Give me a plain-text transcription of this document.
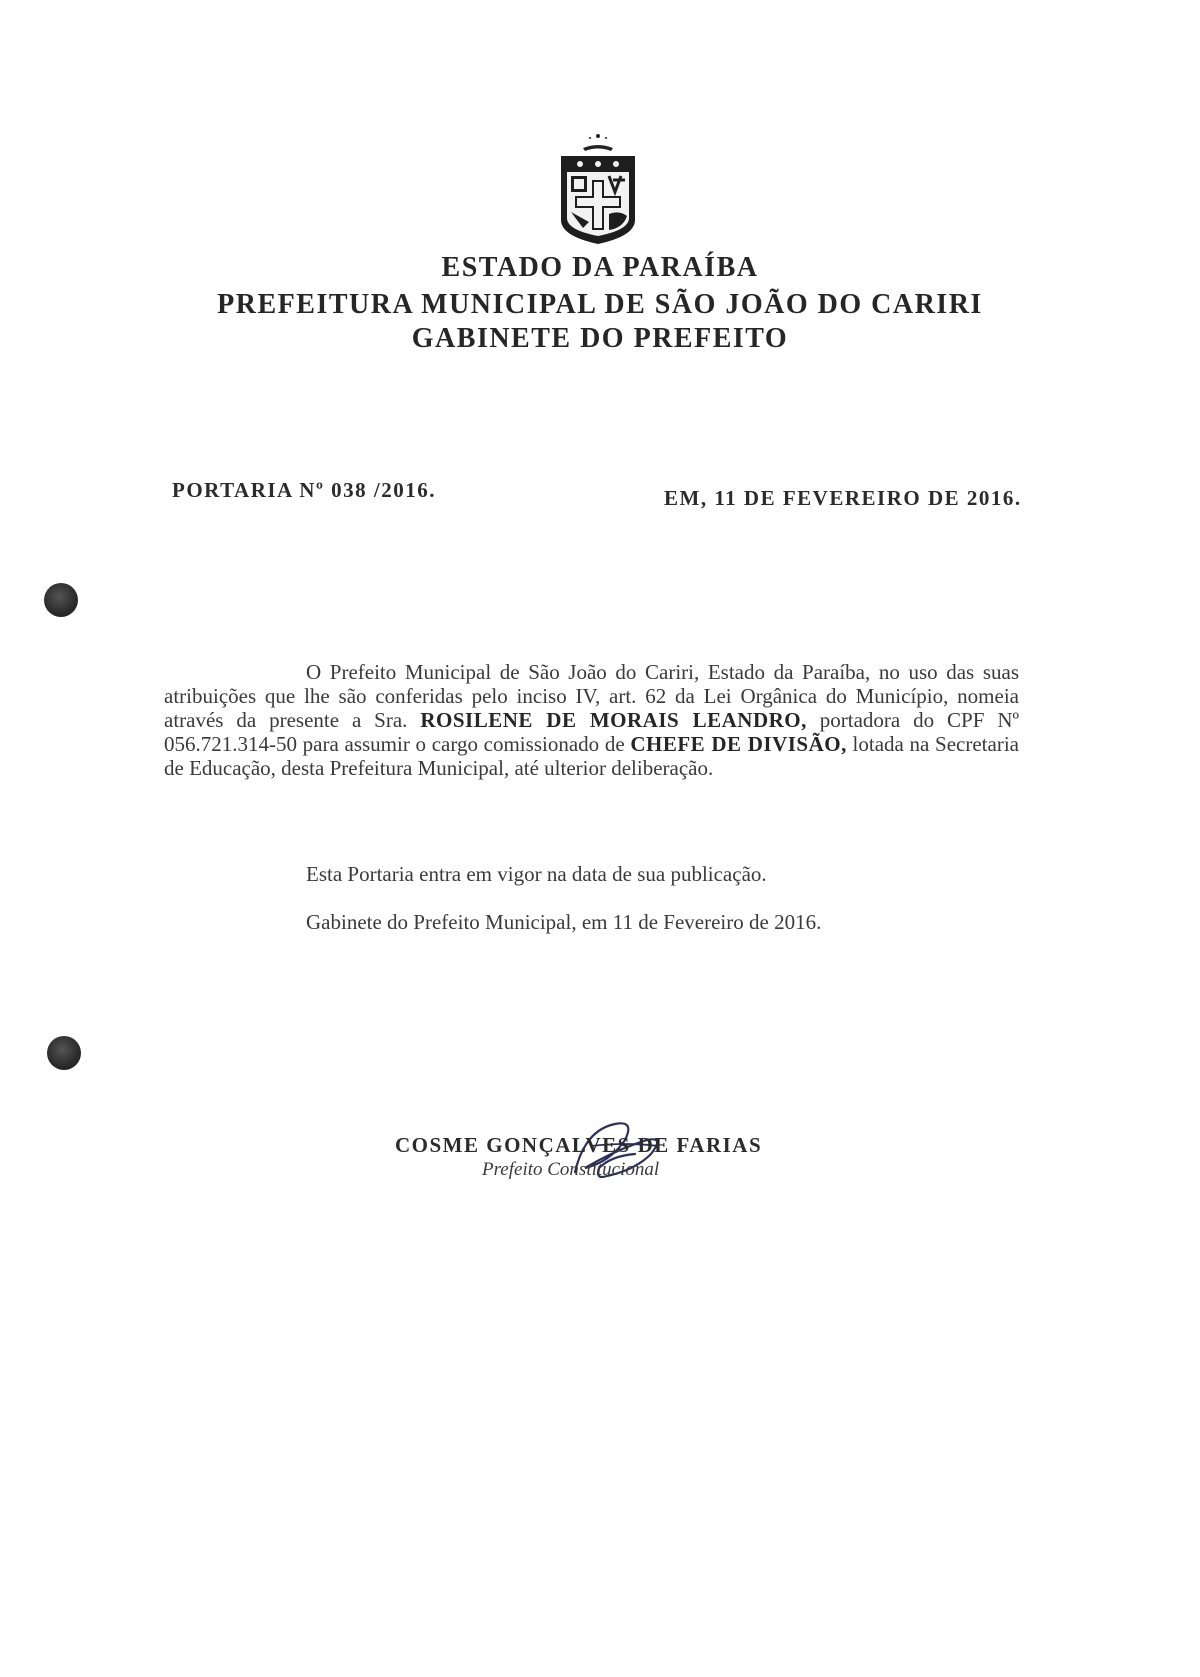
ESTADO DA PARAÍBA
PREFEITURA MUNICIPAL DE SÃO JOÃO DO CARIRI
GABINETE DO PREFEITO
PORTARIA Nº 038 /2016.	EM, 11 DE FEVEREIRO DE 2016.
O Prefeito Municipal de São João do Cariri, Estado da Paraíba, no uso das suas atribuições que lhe são conferidas pelo inciso IV, art. 62 da Lei Orgânica do Município, nomeia através da presente a Sra. ROSILENE DE MORAIS LEANDRO, portadora do CPF Nº 056.721.314-50 para assumir o cargo comissionado de CHEFE DE DIVISÃO, lotada na Secretaria de Educação, desta Prefeitura Municipal, até ulterior deliberação.
Esta Portaria entra em vigor na data de sua publicação.
Gabinete do Prefeito Municipal, em 11 de Fevereiro de 2016.
COSME GONÇALVES DE FARIAS
Prefeito Constitucional
